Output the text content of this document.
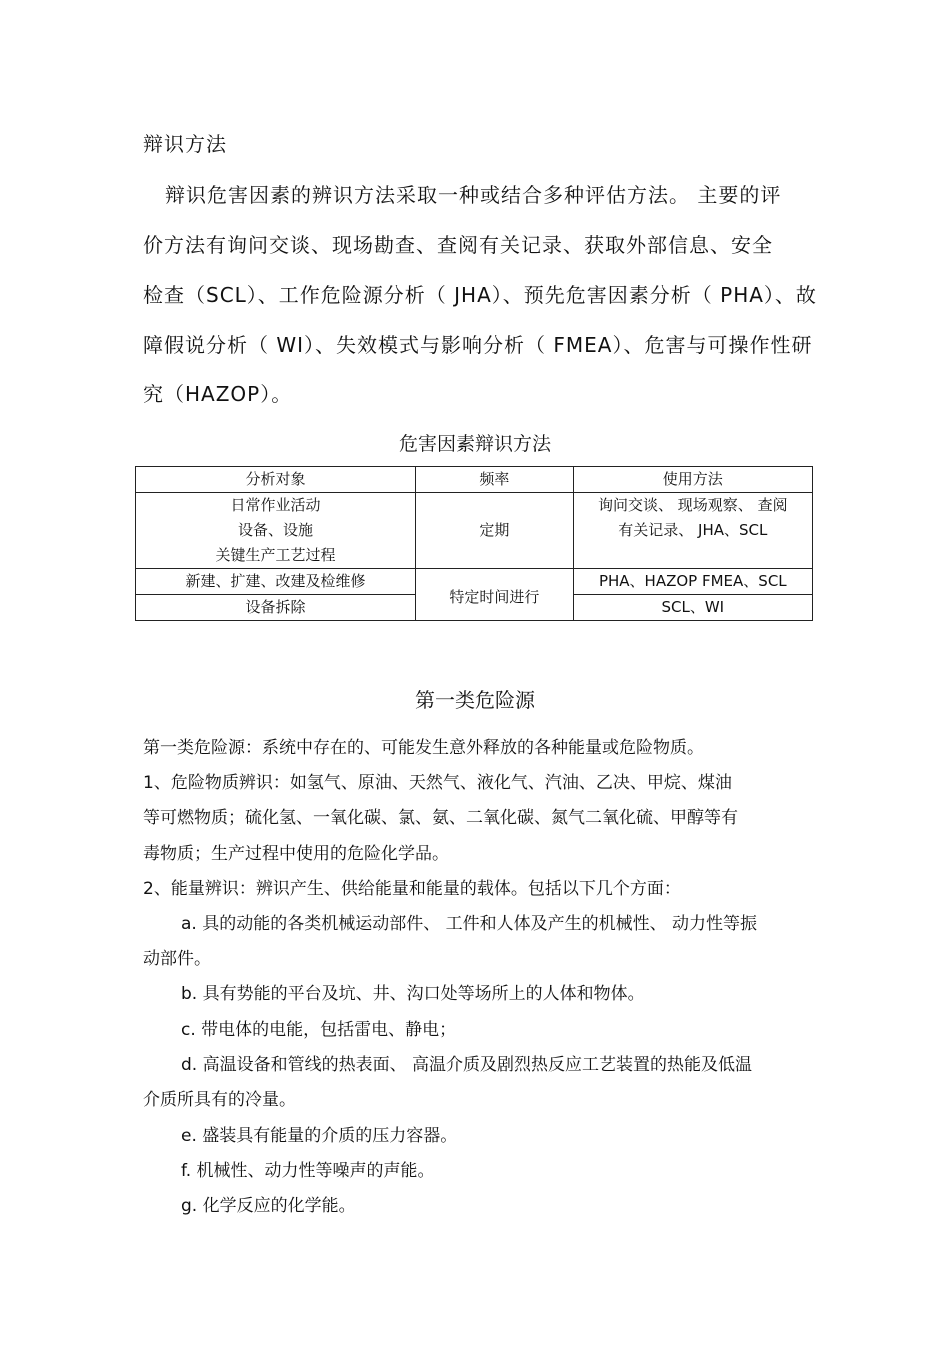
辩识方法
辩识危害因素的辨识方法采取一种或结合多种评估方法。 主要的评
价方法有询问交谈、现场勘查、查阅有关记录、获取外部信息、安全
检查（SCL）、工作危险源分析（ JHA）、预先危害因素分析（ PHA）、故
障假说分析（ WI）、失效模式与影响分析（ FMEA）、危害与可操作性研
究（HAZOP）。
危害因素辩识方法
分析对象	频率	使用方法

日常作业活动
设备、设施
关键生产工艺过程	定期	询问交谈、 现场观察、 查阅
有关记录、 JHA、SCL

新建、扩建、改建及检维修	特定时间进行	PHA、HAZOP FMEA、SCL
设备拆除		SCL、WI
第一类危险源
第一类危险源：系统中存在的、可能发生意外释放的各种能量或危险物质。
1、危险物质辨识：如氢气、原油、天然气、液化气、汽油、乙决、甲烷、煤油
等可燃物质；硫化氢、一氧化碳、氯、氨、二氧化碳、氮气二氧化硫、甲醇等有
毒物质；生产过程中使用的危险化学品。
2、能量辨识：辨识产生、供给能量和能量的载体。包括以下几个方面：
a. 具的动能的各类机械运动部件、 工件和人体及产生的机械性、 动力性等振
动部件。
b. 具有势能的平台及坑、井、沟口处等场所上的人体和物体。
c. 带电体的电能，包括雷电、静电；
d. 高温设备和管线的热表面、 高温介质及剧烈热反应工艺装置的热能及低温
介质所具有的冷量。
e. 盛装具有能量的介质的压力容器。
f. 机械性、动力性等噪声的声能。
g. 化学反应的化学能。
